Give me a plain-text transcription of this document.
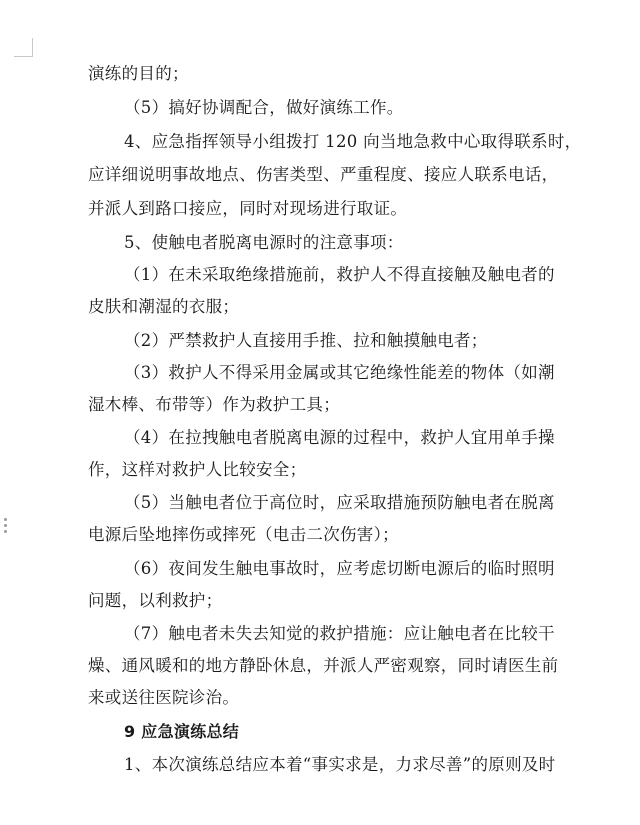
演练的目的；
（5）搞好协调配合，做好演练工作。
4、应急指挥领导小组拨打 120 向当地急救中心取得联系时，
应详细说明事故地点、伤害类型、严重程度、接应人联系电话，
并派人到路口接应，同时对现场进行取证。
5、使触电者脱离电源时的注意事项：
（1）在未采取绝缘措施前，救护人不得直接触及触电者的
皮肤和潮湿的衣服；
（2）严禁救护人直接用手推、拉和触摸触电者；
（3）救护人不得采用金属或其它绝缘性能差的物体（如潮
湿木棒、布带等）作为救护工具；
（4）在拉拽触电者脱离电源的过程中，救护人宜用单手操
作，这样对救护人比较安全；
（5）当触电者位于高位时，应采取措施预防触电者在脱离
电源后坠地摔伤或摔死（电击二次伤害）；
（6）夜间发生触电事故时，应考虑切断电源后的临时照明
问题，以利救护；
（7）触电者未失去知觉的救护措施：应让触电者在比较干
燥、通风暖和的地方静卧休息，并派人严密观察，同时请医生前
来或送往医院诊治。
9 应急演练总结
1、本次演练总结应本着“事实求是，力求尽善”的原则及时
